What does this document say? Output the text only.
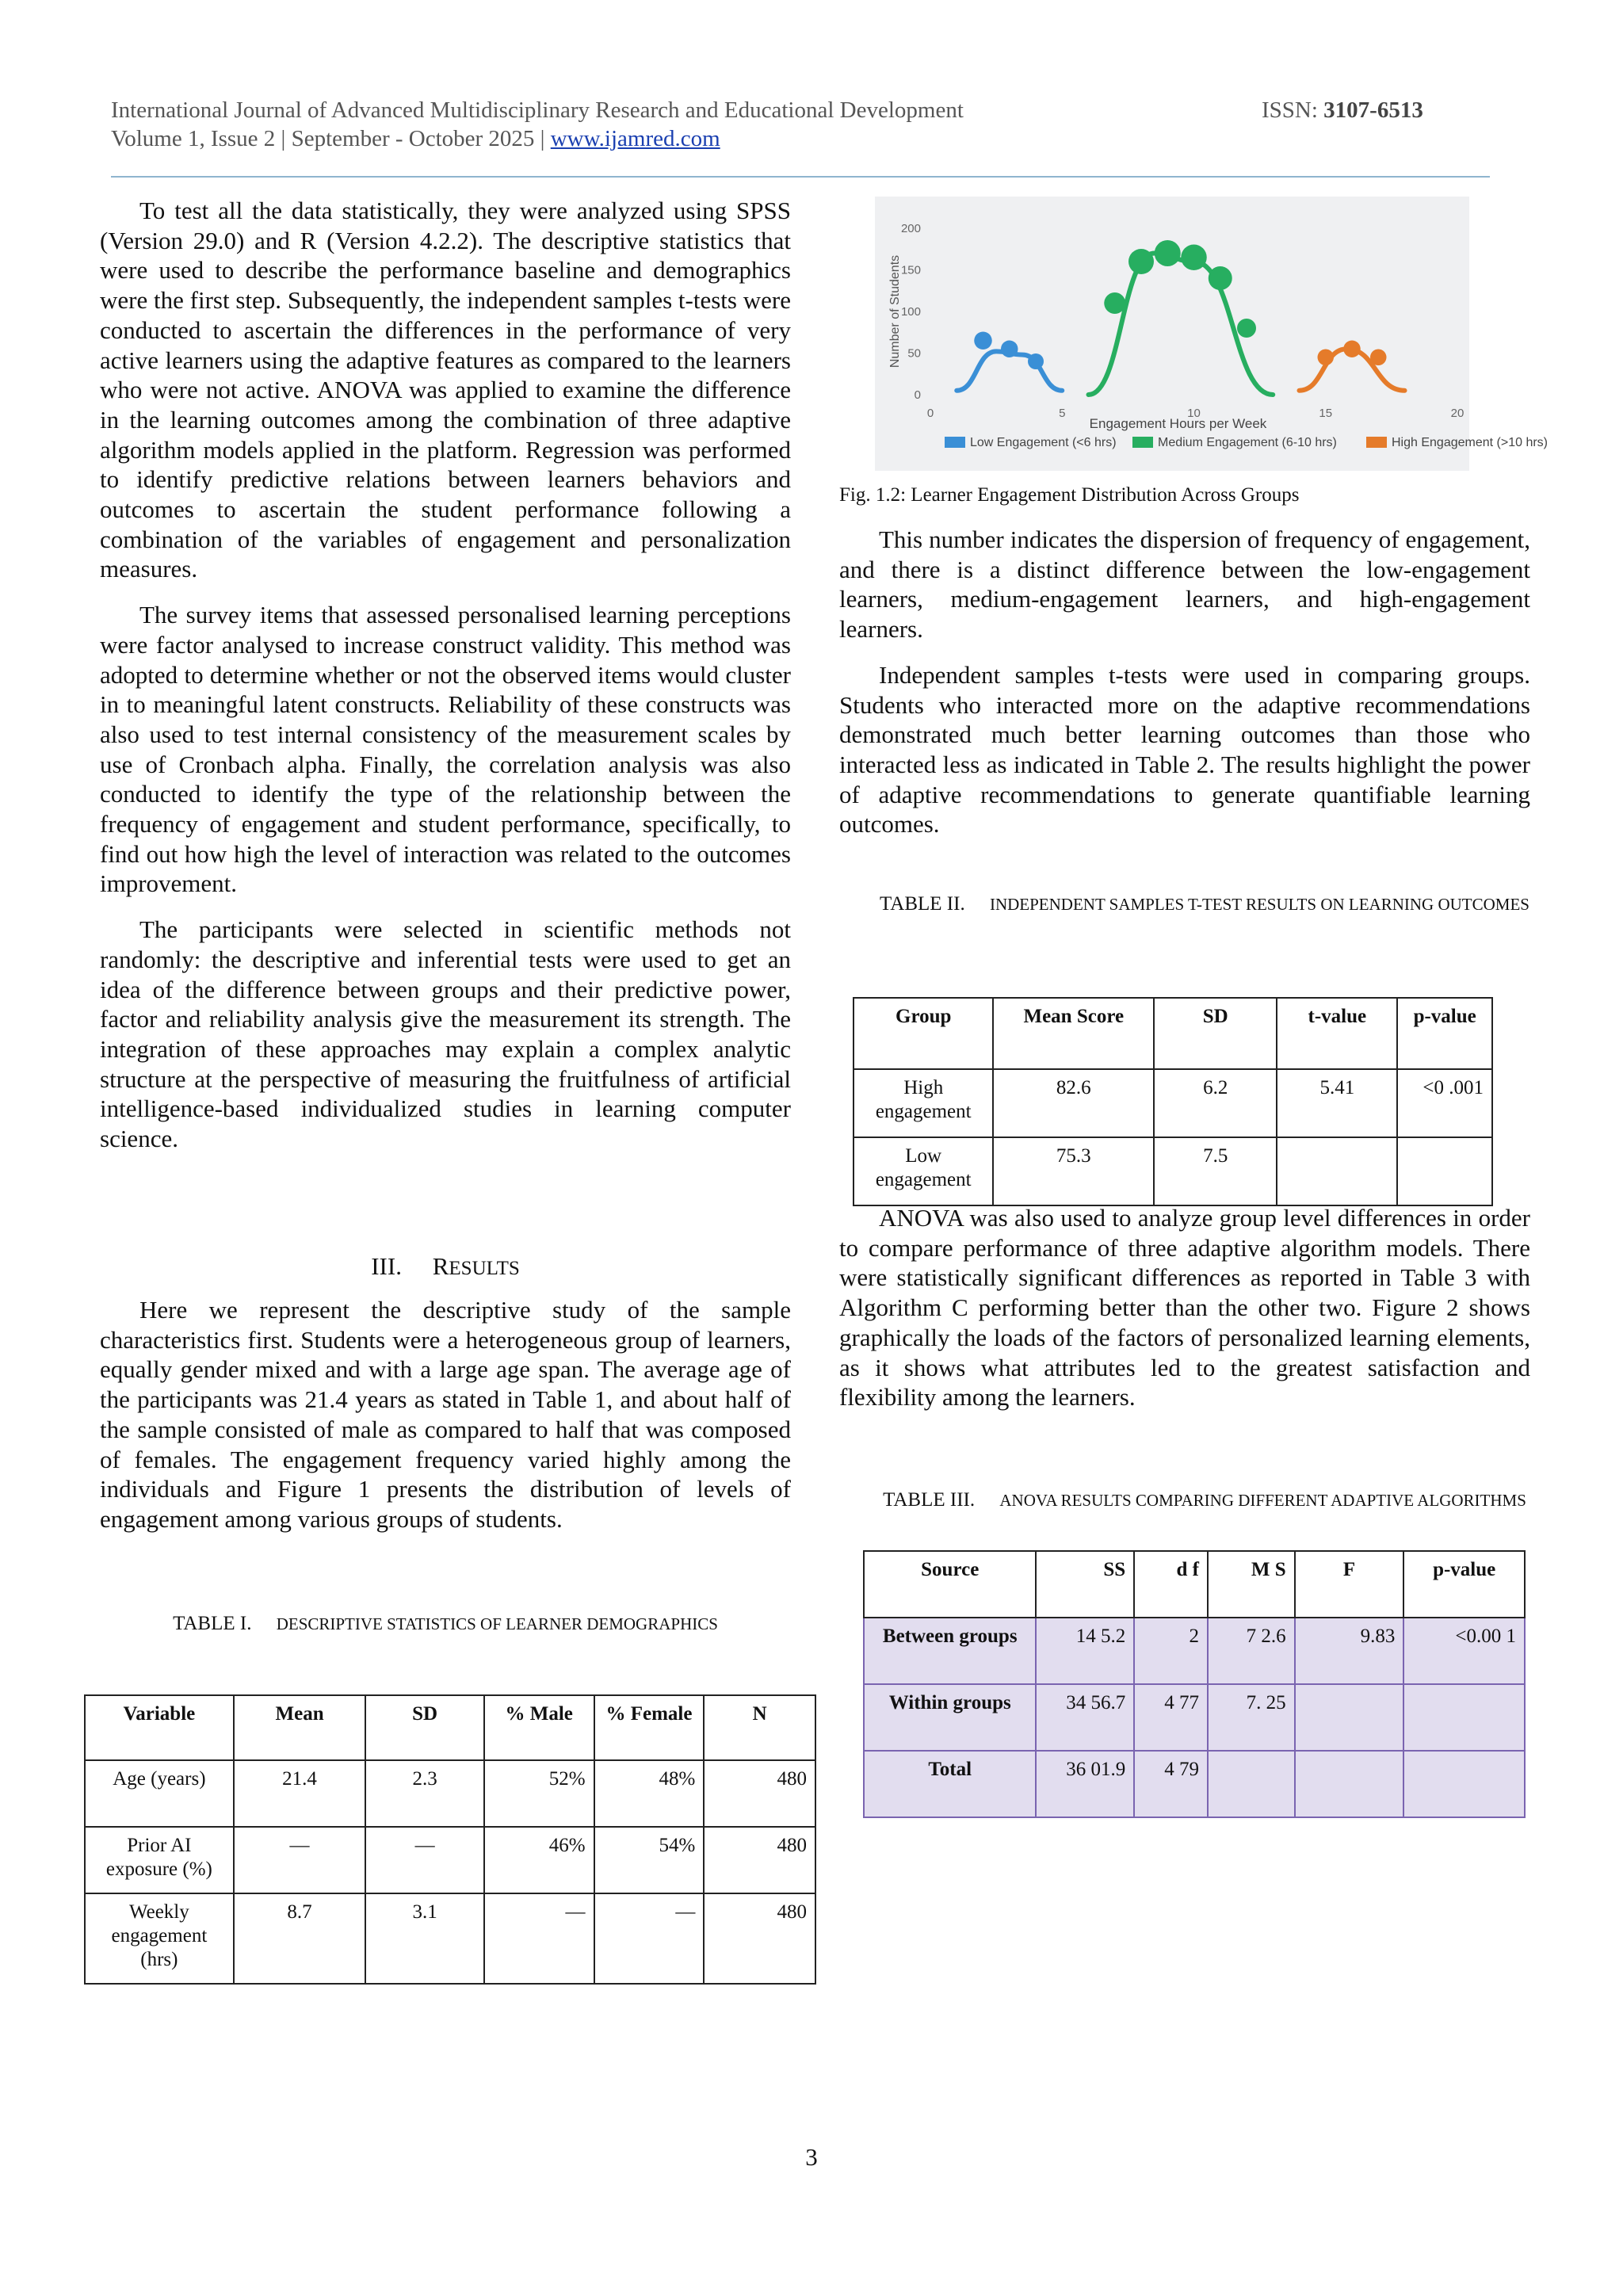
International Journal of Advanced Multidisciplinary Research and Educational Development	ISSN: 3107-6513
Volume 1, Issue 2 | September - October 2025 | www.ijamred.com

To test all the data statistically, they were analyzed using SPSS (Version 29.0) and R (Version 4.2.2). The descriptive statistics that were used to describe the performance baseline and demographics were the first step. Subsequently, the independent samples t-tests were conducted to ascertain the differences in the performance of very active learners using the adaptive features as compared to the learners who were not active. ANOVA was applied to examine the difference in the learning outcomes among the combination of three adaptive algorithm models applied in the platform. Regression was performed to identify predictive relations between learners behaviors and outcomes to ascertain the student performance following a combination of the variables of engagement and personalization measures.

The survey items that assessed personalised learning perceptions were factor analysed to increase construct validity. This method was adopted to determine whether or not the observed items would cluster in to meaningful latent constructs. Reliability of these constructs was also used to test internal consistency of the measurement scales by use of Cronbach alpha. Finally, the correlation analysis was also conducted to identify the type of the relationship between the frequency of engagement and student performance, specifically, to find out how high the level of interaction was related to the outcomes improvement.

The participants were selected in scientific methods not randomly: the descriptive and inferential tests were used to get an idea of the difference between groups and their predictive power, factor and reliability analysis give the measurement its strength. The integration of these approaches may explain a complex analytic structure at the perspective of measuring the fruitfulness of artificial intelligence-based individualized studies in learning computer science.

III. RESULTS

Here we represent the descriptive study of the sample characteristics first. Students were a heterogeneous group of learners, equally gender mixed and with a large age span. The average age of the participants was 21.4 years as stated in Table 1, and about half of the sample consisted of male as compared to half that was composed of females. The engagement frequency varied highly among the individuals and Figure 1 presents the distribution of levels of engagement among various groups of students.

TABLE I. DESCRIPTIVE STATISTICS OF LEARNER DEMOGRAPHICS
Variable	Mean	SD	% Male	% Female	N
Age (years)	21.4	2.3	52%	48%	480
Prior AI exposure (%)	—	—	46%	54%	480
Weekly engagement (hrs)	8.7	3.1	—	—	480
0
50
100
150
200
0	5	10	15	20
Number of Students
Engagement Hours per Week
Low Engagement (<6 hrs)	Medium Engagement (6-10 hrs)	High Engagement (>10 hrs)
Fig. 1.2: Learner Engagement Distribution Across Groups

This number indicates the dispersion of frequency of engagement, and there is a distinct difference between the low-engagement learners, medium-engagement learners, and high-engagement learners.

Independent samples t-tests were used in comparing groups. Students who interacted more on the adaptive recommendations demonstrated much better learning outcomes than those who interacted less as indicated in Table 2. The results highlight the power of adaptive recommendations to generate quantifiable learning outcomes.

TABLE II. INDEPENDENT SAMPLES T-TEST RESULTS ON LEARNING OUTCOMES
Group	Mean Score	SD	t-value	p-value
High engagement	82.6	6.2	5.41	<0 .001
Low engagement	75.3	7.5		

ANOVA was also used to analyze group level differences in order to compare performance of three adaptive algorithm models. There were statistically significant differences as reported in Table 3 with Algorithm C performing better than the other two. Figure 2 shows graphically the loads of the factors of personalized learning elements, as it shows what attributes led to the greatest satisfaction and flexibility among the learners.

TABLE III. ANOVA RESULTS COMPARING DIFFERENT ADAPTIVE ALGORITHMS
Source	SS	d f	M S	F	p-value
Between groups	14 5.2	2	7 2.6	9.83	<0.00 1
Within groups	34 56.7	4 77	7. 25		
Total	36 01.9	4 79			
3
